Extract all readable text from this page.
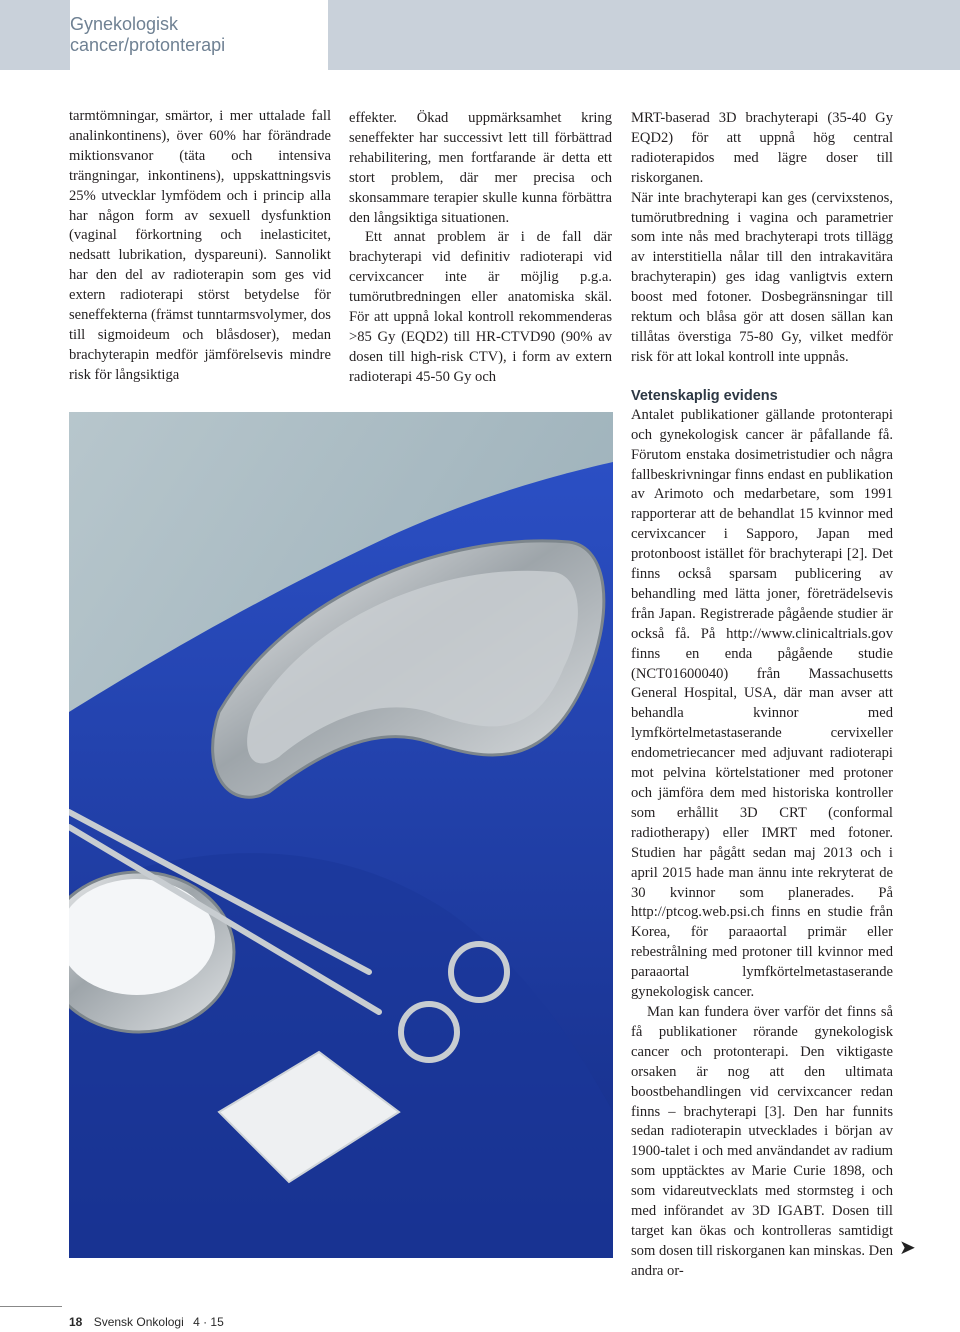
Gynekologisk cancer/protonterapi

tarmtömningar, smärtor, i mer uttalade fall analinkontinens), över 60% har förändrade miktionsvanor (täta och intensiva trängningar, inkontinens), uppskattningsvis 25% utvecklar lymfödem och i princip alla har någon form av sexuell dysfunktion (vaginal förkortning och inelasticitet, nedsatt lubrikation, dyspareuni). Sannolikt har den del av radioterapin som ges vid extern radioterapi störst betydelse för seneffekterna (främst tunntarmsvolymer, dos till sigmoideum och blåsdoser), medan brachyterapin medför jämförelsevis mindre risk för långsiktiga

effekter. Ökad uppmärksamhet kring seneffekter har successivt lett till förbättrad rehabilitering, men fortfarande är detta ett stort problem, där mer precisa och skonsammare terapier skulle kunna förbättra den långsiktiga situationen.

Ett annat problem är i de fall där brachyterapi vid definitiv radioterapi vid cervixcancer inte är möjlig p.g.a. tumörutbredningen eller anatomiska skäl. För att uppnå lokal kontroll rekommenderas >85 Gy (EQD2) till HR-CTVD90 (90% av dosen till high-risk CTV), i form av extern radioterapi 45-50 Gy och

MRT-baserad 3D brachyterapi (35-40 Gy EQD2) för att uppnå hög central radioterapidos med lägre doser till riskorganen.

När inte brachyterapi kan ges (cervixstenos, tumörutbredning i vagina och parametrier som inte nås med brachyterapi trots tillägg av interstitiella nålar till den intrakavitära brachyterapin) ges idag vanligtvis extern boost med fotoner. Dosbegränsningar till rektum och blåsa gör att dosen sällan kan tillåtas överstiga 75-80 Gy, vilket medför risk för att lokal kontroll inte uppnås.

Vetenskaplig evidens

Antalet publikationer gällande protonterapi och gynekologisk cancer är påfallande få. Förutom enstaka dosimetristudier och några fallbeskrivningar finns endast en publikation av Arimoto och medarbetare, som 1991 rapporterar att de behandlat 15 kvinnor med cervixcancer i Sapporo, Japan med protonboost istället för brachyterapi [2]. Det finns också sparsam publicering av behandling med lätta joner, företrädelsevis från Japan. Registrerade pågående studier är också få. På http://www.clinicaltrials.gov finns en enda pågående studie (NCT01600040) från Massachusetts General Hospital, USA, där man avser att behandla kvinnor med lymfkörtelmetastaserande cervixeller endometriecancer med adjuvant radioterapi mot pelvina körtelstationer med protoner och jämföra dem med historiska kontroller som erhållit 3D CRT (conformal radiotherapy) eller IMRT med fotoner. Studien har pågått sedan maj 2013 och i april 2015 hade man ännu inte rekryterat de 30 kvinnor som planerades. På http://ptcog.web.psi.ch finns en studie från Korea, för paraaortal primär eller rebestrålning med protoner till kvinnor med paraaortal lymfkörtelmetastaserande gynekologisk cancer.

Man kan fundera över varför det finns så få publikationer rörande gynekologisk cancer och protonterapi. Den viktigaste orsaken är nog att den ultimata boostbehandlingen vid cervixcancer redan finns – brachyterapi [3]. Den har funnits sedan radioterapin utvecklades i början av 1900-talet i och med användandet av radium som upptäcktes av Marie Curie 1898, och som vidareutvecklats med stormsteg i och med införandet av 3D IGABT. Dosen till target kan ökas och kontrolleras samtidigt som dosen till riskorganen kan minskas. Den andra or-

➤
18 Svensk Onkologi 4 · 15
